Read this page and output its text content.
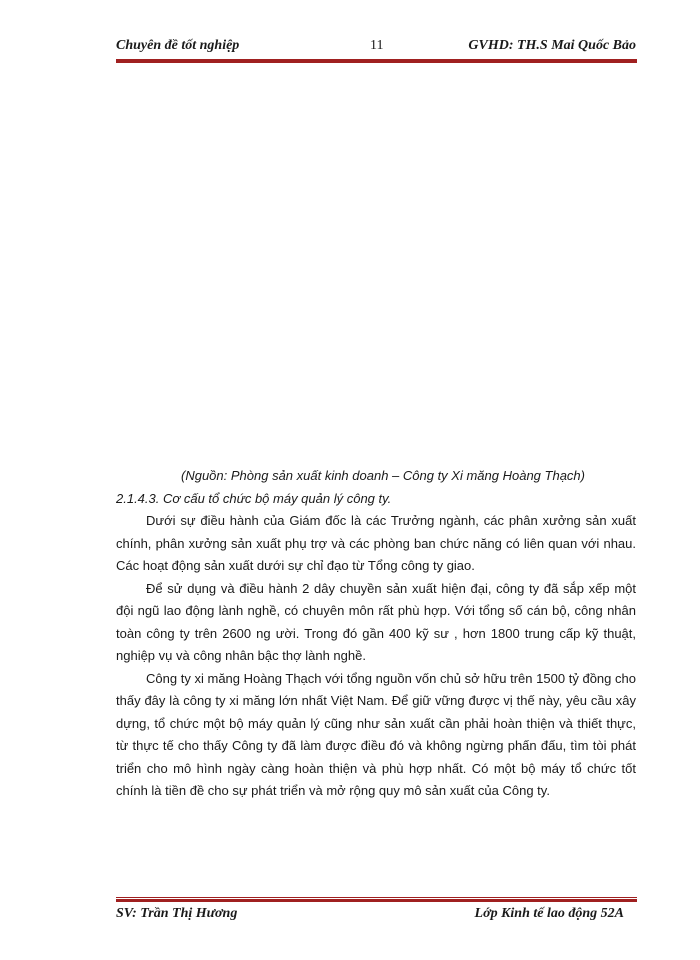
Chuyên đề tốt nghiệp	11	GVHD: TH.S Mai Quốc Bảo
(Nguồn: Phòng sản xuất kinh doanh – Công ty Xi măng Hoàng Thạch)
2.1.4.3. Cơ cấu tổ chức bộ máy quản lý công ty.

Dưới sự điều hành của Giám đốc là các Trưởng ngành, các phân xưởng sản xuất chính, phân xưởng sản xuất phụ trợ và các phòng ban chức năng có liên quan với nhau. Các hoạt động sản xuất dưới sự chỉ đạo từ Tổng công ty giao.

Để sử dụng và điều hành 2 dây chuyền sản xuất hiện đại, công ty đã sắp xếp một đội ngũ lao động lành nghề, có chuyên môn rất phù hợp. Với tổng số cán bộ, công nhân toàn công ty trên 2600 ng ười. Trong đó gần 400 kỹ sư , hơn 1800 trung cấp kỹ thuật, nghiệp vụ và công nhân bậc thợ lành nghề.

Công ty xi măng Hoàng Thạch với tổng nguồn vốn chủ sở hữu trên 1500 tỷ đồng cho thấy đây là công ty xi măng lớn nhất Việt Nam. Để giữ vững được vị thế này, yêu cầu xây dựng, tổ chức một bộ máy quản lý cũng như sản xuất cần phải hoàn thiện và thiết thực, từ thực tế cho thấy Công ty đã làm được điều đó và không ngừng phấn đấu, tìm tòi phát triển cho mô hình ngày càng hoàn thiện và phù hợp nhất. Có một bộ máy tổ chức tốt chính là tiền đề cho sự phát triển và mở rộng quy mô sản xuất của Công ty.

SV: Trần Thị Hương	Lớp Kinh tế lao động 52A
